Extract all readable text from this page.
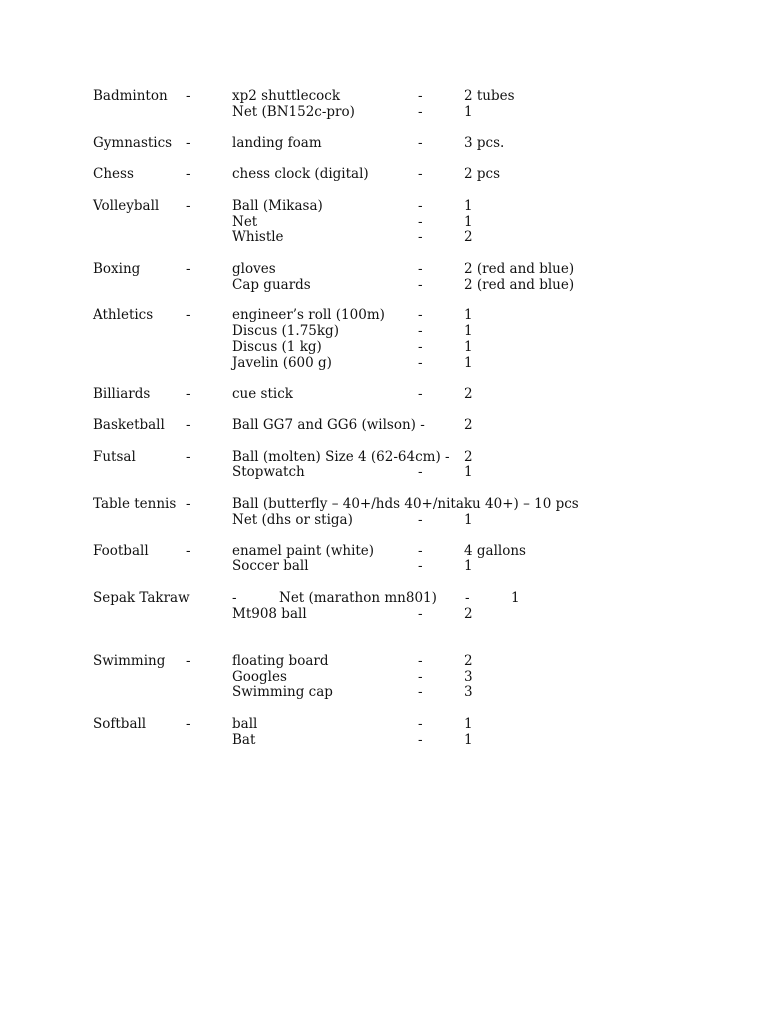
Badminton -	xp2 shuttlecock	-	2 tubes
Net (BN152c-pro)	-	1
Gymnastics -	landing foam	-	3 pcs.
Chess	-	chess clock (digital)	-	2 pcs
Volleyball -	Ball (Mikasa)	-	1
Net	-	1
Whistle	-	2
Boxing	-	gloves	-	2 (red and blue)
Cap guards	-	2 (red and blue)
Athletics -	engineer’s roll (100m) -	1
Discus (1.75kg)	-	1
Discus (1 kg)	-	1
Javelin (600 g)	-	1
Billiards	-	cue stick	-	2
Basketball -	Ball GG7 and GG6 (wilson) -	2
Futsal	-	Ball (molten) Size 4 (62-64cm) - 2
Stopwatch	-	1
Table tennis -	Ball (butterfly – 40+/hds 40+/nitaku 40+) – 10 pcs
Net (dhs or stiga)	-	1
Football	-	enamel paint (white)	-	4 gallons
Soccer ball	-	1
Sepak Takraw	-	Net (marathon mn801) -	1
Mt908 ball	-	2
Swimming -	floating board	-	2
Googles	-	3
Swimming cap	-	3
Softball	-	ball	-	1
Bat	-	1
